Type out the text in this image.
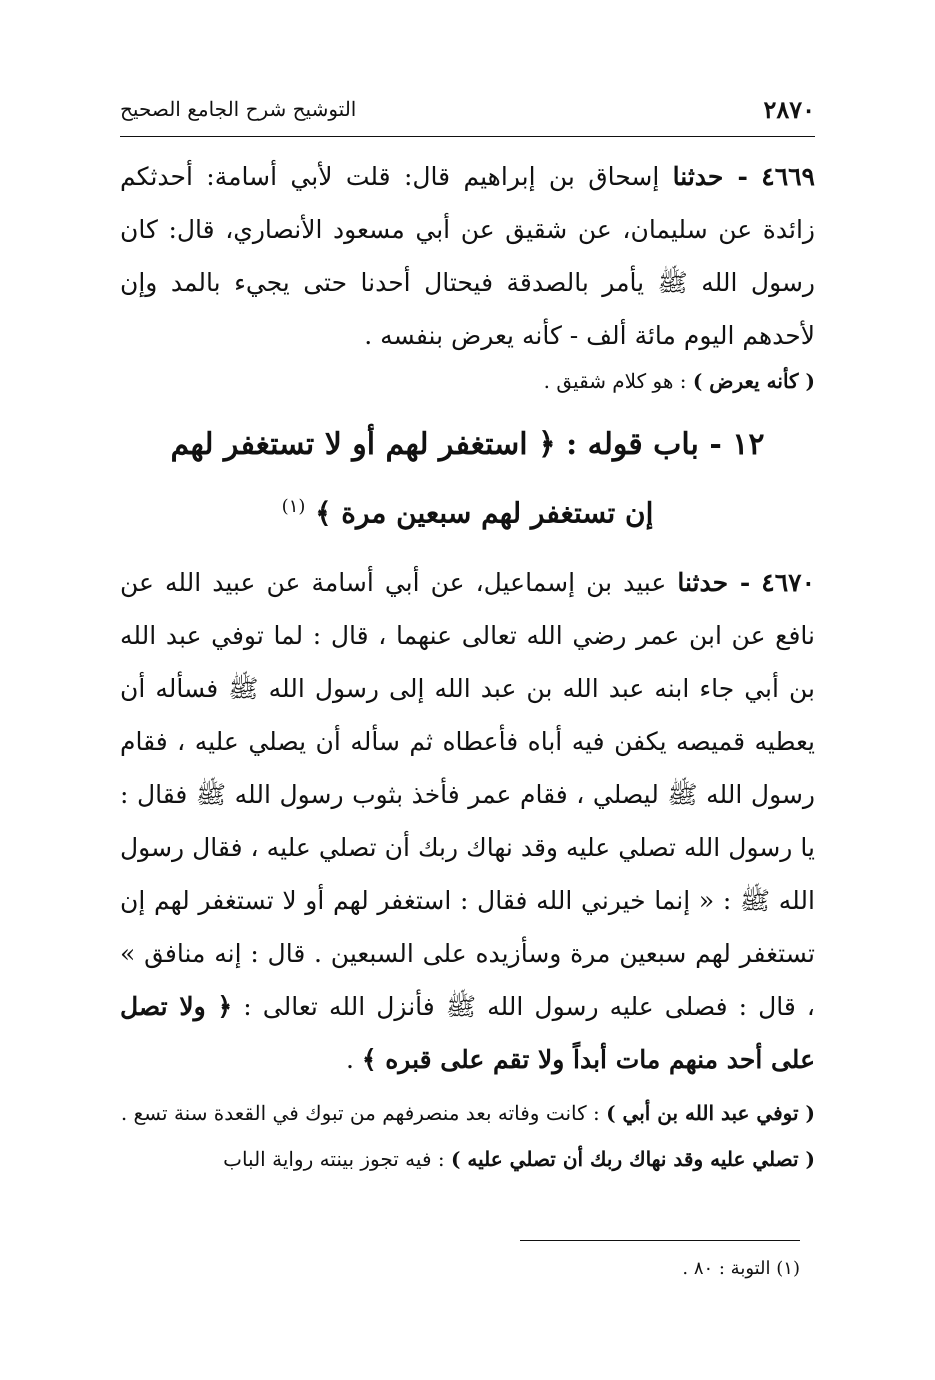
٢٨٧٠
التوشيح شرح الجامع الصحيح

٤٦٦٩ - حدثنا إسحاق بن إبراهيم قال: قلت لأبي أسامة: أحدثكم زائدة عن سليمان، عن شقيق عن أبي مسعود الأنصاري، قال: كان رسول الله ﷺ يأمر بالصدقة فيحتال أحدنا حتى يجيء بالمد وإن لأحدهم اليوم مائة ألف - كأنه يعرض بنفسه .

( كأنه يعرض ) : هو كلام شقيق .

١٢ - باب قوله : ﴿ استغفر لهم أو لا تستغفر لهم
إن تستغفر لهم سبعين مرة ﴾ $^{(١)}$

٤٦٧٠ - حدثنا عبيد بن إسماعيل، عن أبي أسامة عن عبيد الله عن نافع عن ابن عمر رضي الله تعالى عنهما ، قال : لما توفي عبد الله بن أبي جاء ابنه عبد الله بن عبد الله إلى رسول الله ﷺ فسأله أن يعطيه قميصه يكفن فيه أباه فأعطاه ثم سأله أن يصلي عليه ، فقام رسول الله ﷺ ليصلي ، فقام عمر فأخذ بثوب رسول الله ﷺ فقال : يا رسول الله تصلي عليه وقد نهاك ربك أن تصلي عليه ، فقال رسول الله ﷺ : « إنما خيرني الله فقال : استغفر لهم أو لا تستغفر لهم إن تستغفر لهم سبعين مرة وسأزيده على السبعين . قال : إنه منافق » ، قال : فصلى عليه رسول الله ﷺ فأنزل الله تعالى : ﴿ ولا تصل على أحد منهم مات أبداً ولا تقم على قبره ﴾ .

( توفي عبد الله بن أبي ) : كانت وفاته بعد منصرفهم من تبوك في القعدة سنة تسع .

( تصلي عليه وقد نهاك ربك أن تصلي عليه ) : فيه تجوز بينته رواية الباب

(١) التوبة : ٨٠ .
